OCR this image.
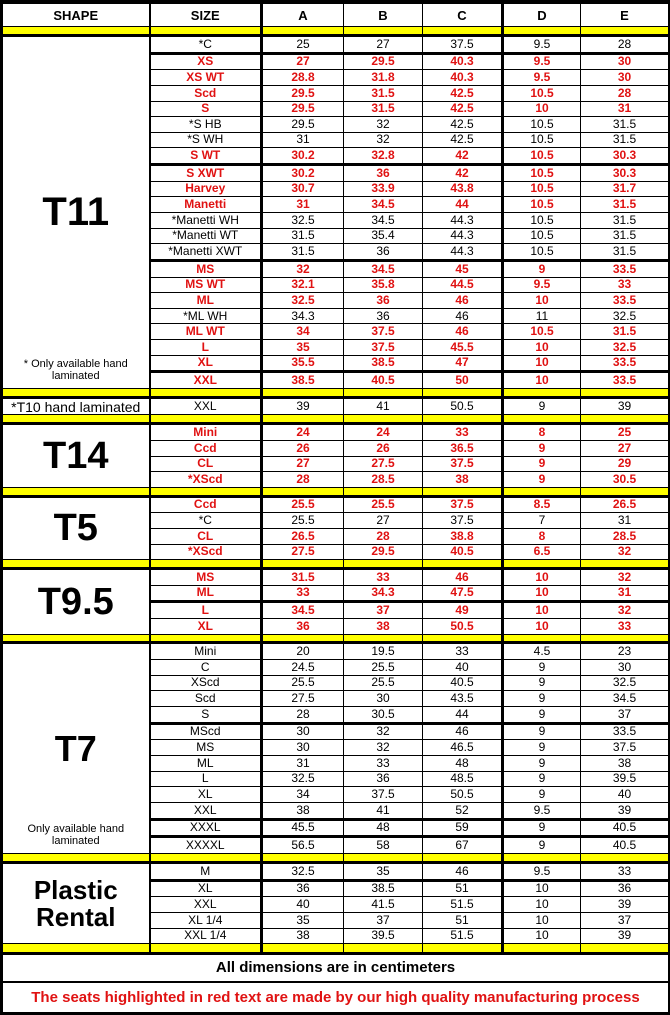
SHAPE	SIZE	A	B	C	D	E

T11
* Only available hand laminated	*C	25	27	37.5	9.5	28
	XS	27	29.5	40.3	9.5	30
	XS WT	28.8	31.8	40.3	9.5	30
	Scd	29.5	31.5	42.5	10.5	28
	S	29.5	31.5	42.5	10	31
	*S HB	29.5	32	42.5	10.5	31.5
	*S WH	31	32	42.5	10.5	31.5
	S WT	30.2	32.8	42	10.5	30.3
	S XWT	30.2	36	42	10.5	30.3
	Harvey	30.7	33.9	43.8	10.5	31.7
	Manetti	31	34.5	44	10.5	31.5
	*Manetti WH	32.5	34.5	44.3	10.5	31.5
	*Manetti WT	31.5	35.4	44.3	10.5	31.5
	*Manetti XWT	31.5	36	44.3	10.5	31.5
	MS	32	34.5	45	9	33.5
	MS WT	32.1	35.8	44.5	9.5	33
	ML	32.5	36	46	10	33.5
	*ML WH	34.3	36	46	11	32.5
	ML WT	34	37.5	46	10.5	31.5
	L	35	37.5	45.5	10	32.5
	XL	35.5	38.5	47	10	33.5
	XXL	38.5	40.5	50	10	33.5

*T10 hand laminated	XXL	39	41	50.5	9	39

T14	Mini	24	24	33	8	25
	Ccd	26	26	36.5	9	27
	CL	27	27.5	37.5	9	29
	*XScd	28	28.5	38	9	30.5

T5	Ccd	25.5	25.5	37.5	8.5	26.5
	*C	25.5	27	37.5	7	31
	CL	26.5	28	38.8	8	28.5
	*XScd	27.5	29.5	40.5	6.5	32

T9.5	MS	31.5	33	46	10	32
	ML	33	34.3	47.5	10	31
	L	34.5	37	49	10	32
	XL	36	38	50.5	10	33

T7
Only available hand laminated	Mini	20	19.5	33	4.5	23
	C	24.5	25.5	40	9	30
	XScd	25.5	25.5	40.5	9	32.5
	Scd	27.5	30	43.5	9	34.5
	S	28	30.5	44	9	37
	MScd	30	32	46	9	33.5
	MS	30	32	46.5	9	37.5
	ML	31	33	48	9	38
	L	32.5	36	48.5	9	39.5
	XL	34	37.5	50.5	9	40
	XXL	38	41	52	9.5	39
	XXXL	45.5	48	59	9	40.5
	XXXXL	56.5	58	67	9	40.5

Plastic Rental	M	32.5	35	46	9.5	33
	XL	36	38.5	51	10	36
	XXL	40	41.5	51.5	10	39
	XL 1/4	35	37	51	10	37
	XXL 1/4	38	39.5	51.5	10	39

All dimensions are in centimeters						
The seats highlighted in red text are made by our high quality manufacturing process						
